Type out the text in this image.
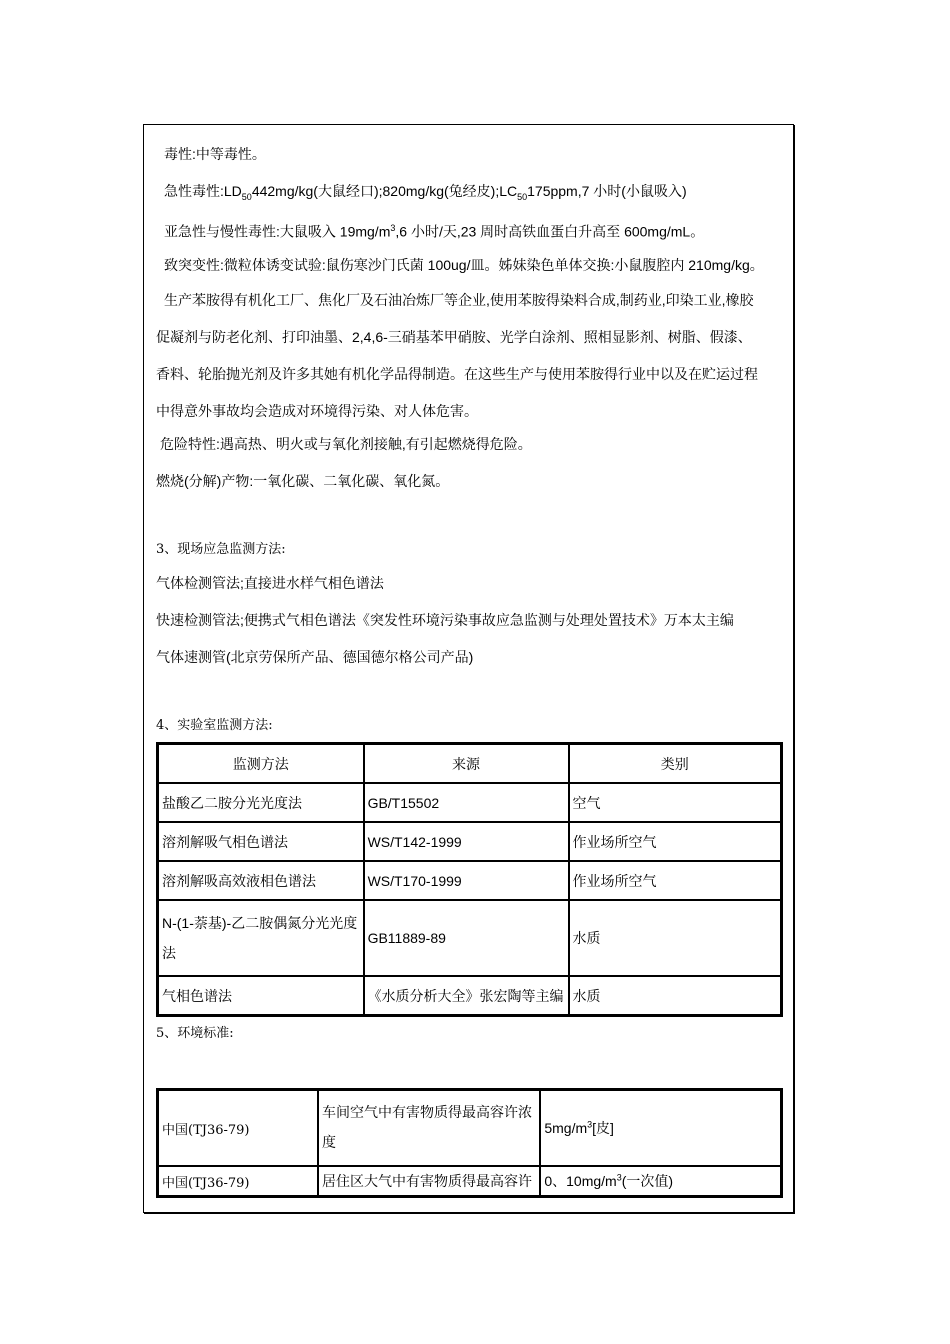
毒性:中等毒性。
急性毒性$:LD_{50}442mg/kg$(大鼠经口);820mg/kg(兔经皮)$;LC_{50}175ppm,7$ 小时(小鼠吸入)
亚急性与慢性毒性:大鼠吸入 $19mg/m^3,6$ 小时/天,23 周时高铁血蛋白升高至 600mg/mL。
致突变性:微粒体诱变试验:鼠伤寒沙门氏菌 100ug/皿。姊妹染色单体交换:小鼠腹腔内 210mg/kg。
生产苯胺得有机化工厂、焦化厂及石油冶炼厂等企业,使用苯胺得染料合成,制药业,印染工业,橡胶
促凝剂与防老化剂、打印油墨、2,4,6-三硝基苯甲硝胺、光学白涂剂、照相显影剂、树脂、假漆、
香料、轮胎抛光剂及许多其她有机化学品得制造。在这些生产与使用苯胺得行业中以及在贮运过程
中得意外事故均会造成对环境得污染、对人体危害。
危险特性:遇高热、明火或与氧化剂接触,有引起燃烧得危险。
燃烧(分解)产物:一氧化碳、二氧化碳、氧化氮。
3、现场应急监测方法:
气体检测管法;直接进水样气相色谱法
快速检测管法;便携式气相色谱法《突发性环境污染事故应急监测与处理处置技术》万本太主编
气体速测管(北京劳保所产品、德国德尔格公司产品)
4、实验室监测方法:
监测方法	来源	类别
盐酸乙二胺分光光度法	GB/T15502	空气
溶剂解吸气相色谱法	WS/T142-1999	作业场所空气
溶剂解吸高效液相色谱法	WS/T170-1999	作业场所空气
N-(1-萘基)-乙二胺偶氮分光光度法	GB11889-89	水质
气相色谱法	《水质分析大全》张宏陶等主编	水质
5、环境标准:
中国(TJ36-79)	车间空气中有害物质得最高容许浓度	$5mg/m^3$[皮]
中国(TJ36-79)	居住区大气中有害物质得最高容许	0、$10mg/m^3$(一次值)
